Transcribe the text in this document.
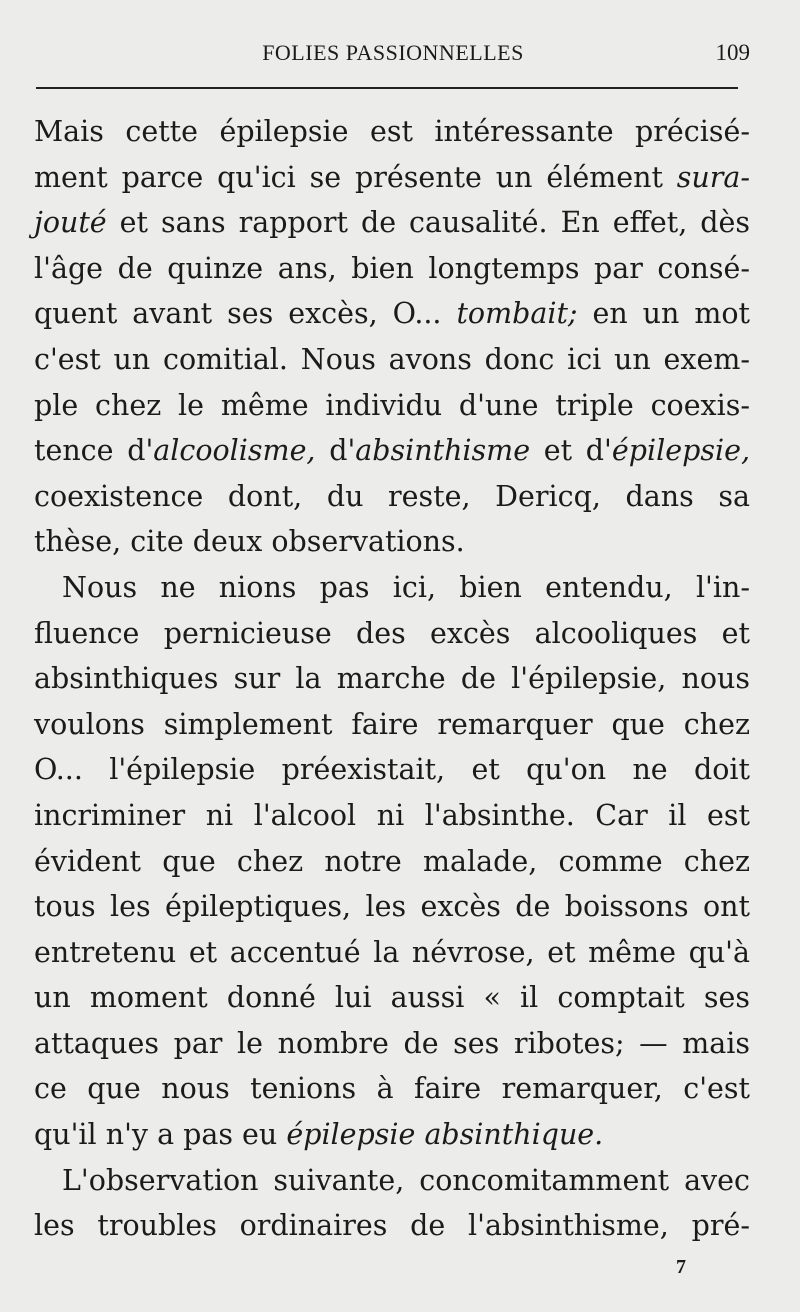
FOLIES PASSIONNELLES	109
Mais cette épilepsie est intéressante précisé-
ment parce qu'ici se présente un élément sura-
jouté et sans rapport de causalité. En effet, dès
l'âge de quinze ans, bien longtemps par consé-
quent avant ses excès, O... tombait; en un mot
c'est un comitial. Nous avons donc ici un exem-
ple chez le même individu d'une triple coexis-
tence d'alcoolisme, d'absinthisme et d'épilepsie,
coexistence dont, du reste, Dericq, dans sa
thèse, cite deux observations.
Nous ne nions pas ici, bien entendu, l'in-
fluence pernicieuse des excès alcooliques et
absinthiques sur la marche de l'épilepsie, nous
voulons simplement faire remarquer que chez
O... l'épilepsie préexistait, et qu'on ne doit
incriminer ni l'alcool ni l'absinthe. Car il est
évident que chez notre malade, comme chez
tous les épileptiques, les excès de boissons ont
entretenu et accentué la névrose, et même qu'à
un moment donné lui aussi « il comptait ses
attaques par le nombre de ses ribotes; — mais
ce que nous tenions à faire remarquer, c'est
qu'il n'y a pas eu épilepsie absinthique.
L'observation suivante, concomitamment avec
les troubles ordinaires de l'absinthisme, pré-
7
